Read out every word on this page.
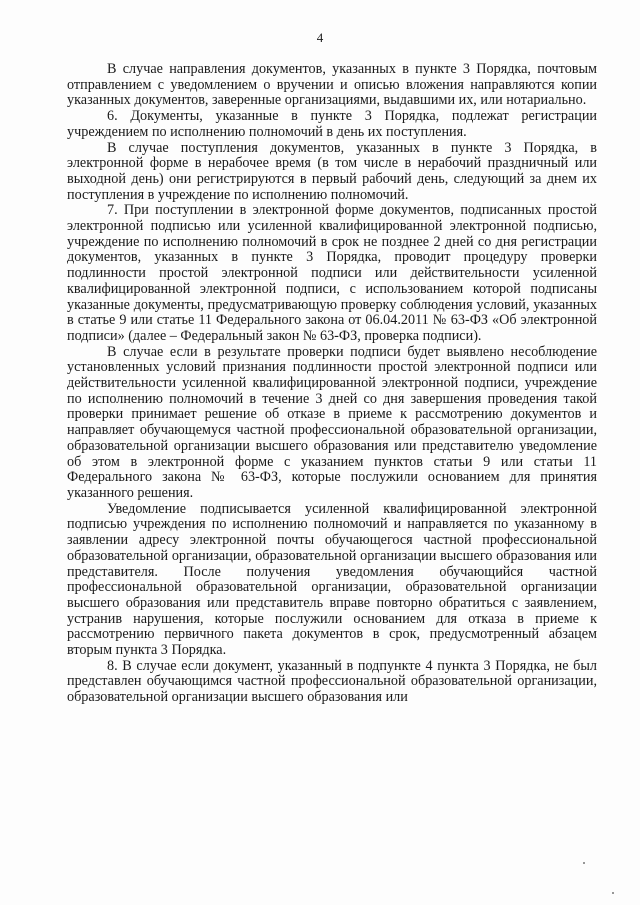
4

В случае направления документов, указанных в пункте 3 Порядка, почтовым отправлением с уведомлением о вручении и описью вложения направляются копии указанных документов, заверенные организациями, выдавшими их, или нотариально.

6. Документы, указанные в пункте 3 Порядка, подлежат регистрации учреждением по исполнению полномочий в день их поступления.

В случае поступления документов, указанных в пункте 3 Порядка, в электронной форме в нерабочее время (в том числе в нерабочий праздничный или выходной день) они регистрируются в первый рабочий день, следующий за днем их поступления в учреждение по исполнению полномочий.

7. При поступлении в электронной форме документов, подписанных простой электронной подписью или усиленной квалифицированной электронной подписью, учреждение по исполнению полномочий в срок не позднее 2 дней со дня регистрации документов, указанных в пункте 3 Порядка, проводит процедуру проверки подлинности простой электронной подписи или действительности усиленной квалифицированной электронной подписи, с использованием которой подписаны указанные документы, предусматривающую проверку соблюдения условий, указанных в статье 9 или статье 11 Федерального закона от 06.04.2011 № 63-ФЗ «Об электронной подписи» (далее – Федеральный закон № 63-ФЗ, проверка подписи).

В случае если в результате проверки подписи будет выявлено несоблюдение установленных условий признания подлинности простой электронной подписи или действительности усиленной квалифицированной электронной подписи, учреждение по исполнению полномочий в течение 3 дней со дня завершения проведения такой проверки принимает решение об отказе в приеме к рассмотрению документов и направляет обучающемуся частной профессиональной образовательной организации, образовательной организации высшего образования или представителю уведомление об этом в электронной форме с указанием пунктов статьи 9 или статьи 11 Федерального закона № 63-ФЗ, которые послужили основанием для принятия указанного решения.

Уведомление подписывается усиленной квалифицированной электронной подписью учреждения по исполнению полномочий и направляется по указанному в заявлении адресу электронной почты обучающегося частной профессиональной образовательной организации, образовательной организации высшего образования или представителя. После получения уведомления обучающийся частной профессиональной образовательной организации, образовательной организации высшего образования или представитель вправе повторно обратиться с заявлением, устранив нарушения, которые послужили основанием для отказа в приеме к рассмотрению первичного пакета документов в срок, предусмотренный абзацем вторым пункта 3 Порядка.

8. В случае если документ, указанный в подпункте 4 пункта 3 Порядка, не был представлен обучающимся частной профессиональной образовательной организации, образовательной организации высшего образования или
